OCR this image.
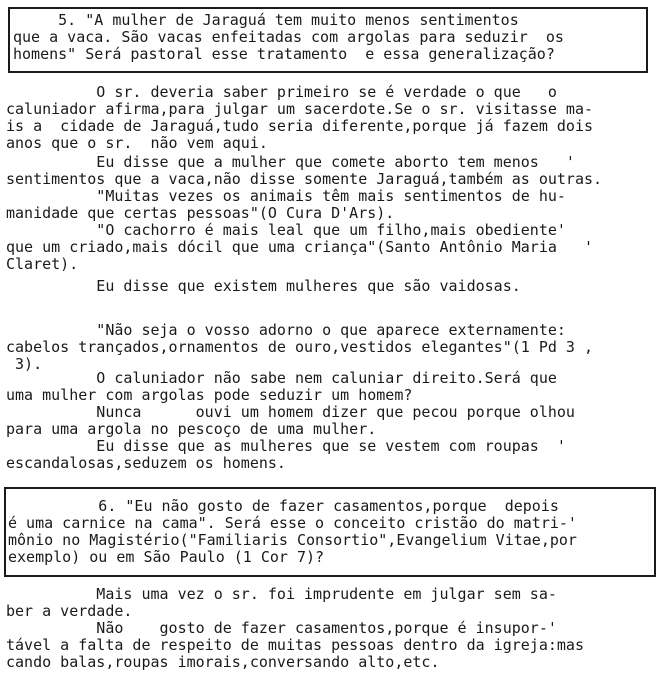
5. "A mulher de Jaraguá tem muito menos sentimentos
que a vaca. São vacas enfeitadas com argolas para seduzir  os
homens" Será pastoral esse tratamento  e essa generalização?
O sr. deveria saber primeiro se é verdade o que   o
caluniador afirma,para julgar um sacerdote.Se o sr. visitasse ma-
is a  cidade de Jaraguá,tudo seria diferente,porque já fazem dois
anos que o sr.  não vem aqui.
Eu disse que a mulher que comete aborto tem menos   '
sentimentos que a vaca,não disse somente Jaraguá,também as outras.
"Muitas vezes os animais têm mais sentimentos de hu-
manidade que certas pessoas"(O Cura D'Ars).
"O cachorro é mais leal que um filho,mais obediente'
que um criado,mais dócil que uma criança"(Santo Antônio Maria   '
Claret).
Eu disse que existem mulheres que são vaidosas.
"Não seja o vosso adorno o que aparece externamente:
cabelos trançados,ornamentos de ouro,vestidos elegantes"(1 Pd 3 ,
3).
O caluniador não sabe nem caluniar direito.Será que
uma mulher com argolas pode seduzir um homem?
Nunca      ouvi um homem dizer que pecou porque olhou
para uma argola no pescoço de uma mulher.
Eu disse que as mulheres que se vestem com roupas  '
escandalosas,seduzem os homens.
6. "Eu não gosto de fazer casamentos,porque  depois
é uma carnice na cama". Será esse o conceito cristão do matri-'
mônio no Magistério("Familiaris Consortio",Evangelium Vitae,por
exemplo) ou em São Paulo (1 Cor 7)?
Mais uma vez o sr. foi imprudente em julgar sem sa-
ber a verdade.
Não    gosto de fazer casamentos,porque é insupor-'
tável a falta de respeito de muitas pessoas dentro da igreja:mas
cando balas,roupas imorais,conversando alto,etc.
